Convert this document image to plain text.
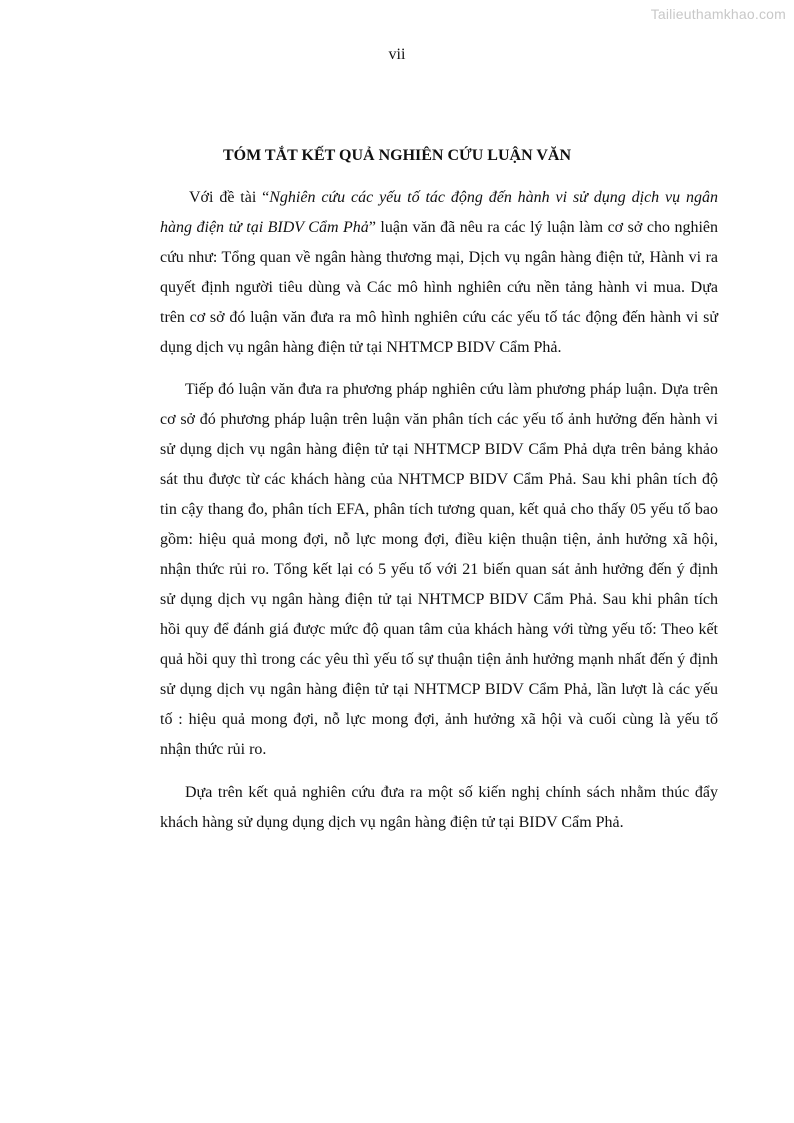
Tailieuthamkhao.com
vii
TÓM TẮT KẾT QUẢ NGHIÊN CỨU LUẬN VĂN

Với đề tài “Nghiên cứu các yếu tố tác động đến hành vi sử dụng dịch vụ ngân hàng điện tử tại BIDV Cẩm Phả” luận văn đã nêu ra các lý luận làm cơ sở cho nghiên cứu như: Tổng quan về ngân hàng thương mại, Dịch vụ ngân hàng điện tử, Hành vi ra quyết định người tiêu dùng và Các mô hình nghiên cứu nền tảng hành vi mua. Dựa trên cơ sở đó luận văn đưa ra mô hình nghiên cứu các yếu tố tác động đến hành vi sử dụng dịch vụ ngân hàng điện tử tại NHTMCP BIDV Cẩm Phả.

Tiếp đó luận văn đưa ra phương pháp nghiên cứu làm phương pháp luận. Dựa trên cơ sở đó phương pháp luận trên luận văn phân tích các yếu tố ảnh hưởng đến hành vi sử dụng dịch vụ ngân hàng điện tử tại NHTMCP BIDV Cẩm Phả dựa trên bảng khảo sát thu được từ các khách hàng của NHTMCP BIDV Cẩm Phả. Sau khi phân tích độ tin cậy thang đo, phân tích EFA, phân tích tương quan, kết quả cho thấy 05 yếu tố bao gồm: hiệu quả mong đợi, nỗ lực mong đợi, điều kiện thuận tiện, ảnh hưởng xã hội, nhận thức rủi ro. Tổng kết lại có 5 yếu tố với 21 biến quan sát ảnh hưởng đến ý định sử dụng dịch vụ ngân hàng điện tử tại NHTMCP BIDV Cẩm Phả. Sau khi phân tích hồi quy để đánh giá được mức độ quan tâm của khách hàng với từng yếu tố: Theo kết quả hồi quy thì trong các yêu thì yếu tố sự thuận tiện ảnh hưởng mạnh nhất đến ý định sử dụng dịch vụ ngân hàng điện tử tại NHTMCP BIDV Cẩm Phả, lần lượt là các yếu tố : hiệu quả mong đợi, nỗ lực mong đợi, ảnh hưởng xã hội và cuối cùng là yếu tố nhận thức rủi ro.

Dựa trên kết quả nghiên cứu đưa ra một số kiến nghị chính sách nhằm thúc đẩy khách hàng sử dụng dụng dịch vụ ngân hàng điện tử tại BIDV Cẩm Phả.
